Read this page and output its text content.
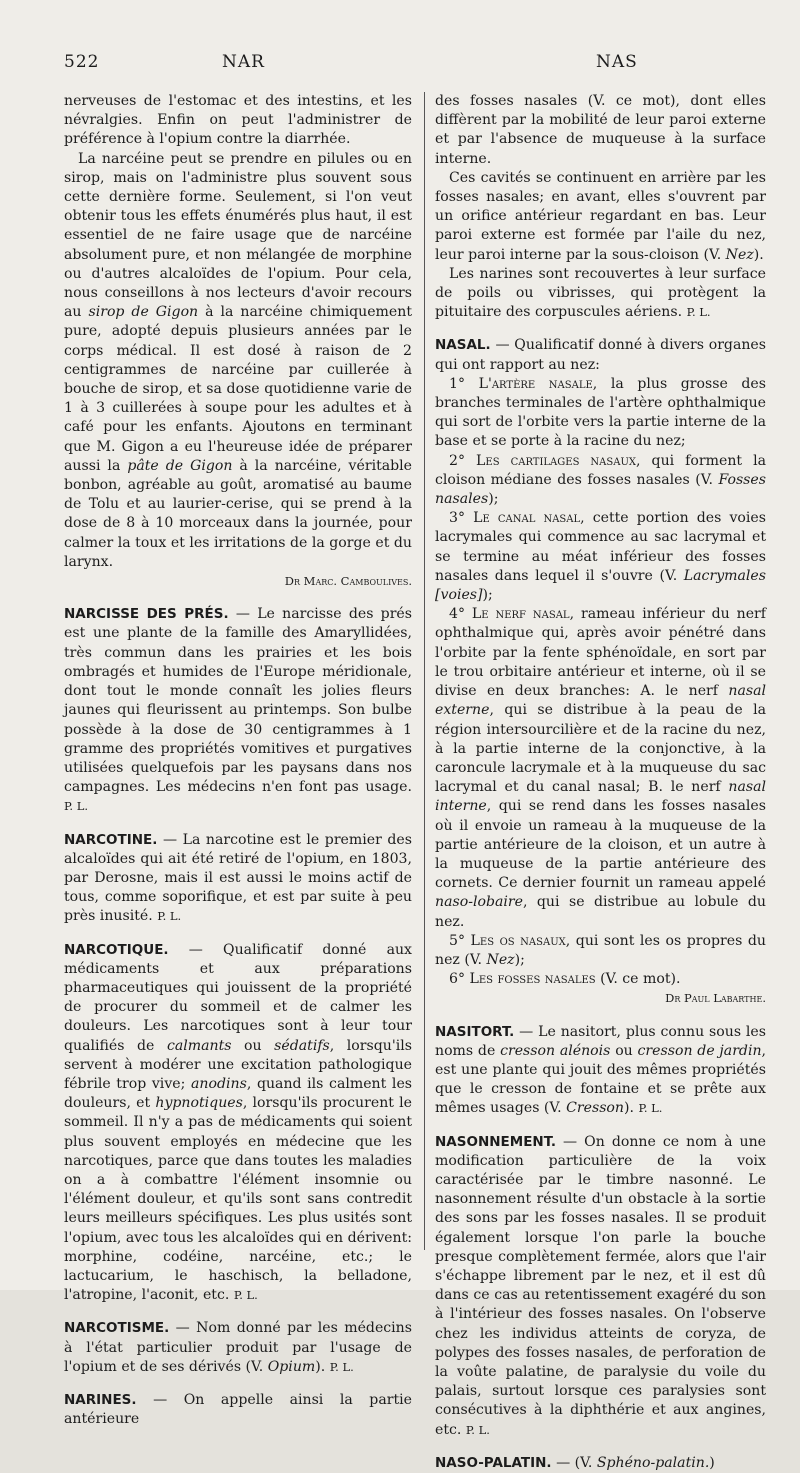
522	NAR	NAS

nerveuses de l'estomac et des intestins, et les névralgies. Enfin on peut l'administrer de préférence à l'opium contre la diarrhée.

La narcéine peut se prendre en pilules ou en sirop, mais on l'administre plus souvent sous cette dernière forme. Seulement, si l'on veut obtenir tous les effets énumérés plus haut, il est essentiel de ne faire usage que de narcéine absolument pure, et non mélangée de morphine ou d'autres alcaloïdes de l'opium. Pour cela, nous conseillons à nos lecteurs d'avoir recours au sirop de Gigon à la narcéine chimiquement pure, adopté depuis plusieurs années par le corps médical. Il est dosé à raison de 2 centigrammes de narcéine par cuillerée à bouche de sirop, et sa dose quotidienne varie de 1 à 3 cuillerées à soupe pour les adultes et à café pour les enfants. Ajoutons en terminant que M. Gigon a eu l'heureuse idée de préparer aussi la pâte de Gigon à la narcéine, véritable bonbon, agréable au goût, aromatisé au baume de Tolu et au laurier-cerise, qui se prend à la dose de 8 à 10 morceaux dans la journée, pour calmer la toux et les irritations de la gorge et du larynx.

Dr Marc. Camboulives.

NARCISSE DES PRÉS. — Le narcisse des prés est une plante de la famille des Amaryllidées, très commun dans les prairies et les bois ombragés et humides de l'Europe méridionale, dont tout le monde connaît les jolies fleurs jaunes qui fleurissent au printemps. Son bulbe possède à la dose de 30 centigrammes à 1 gramme des propriétés vomitives et purgatives utilisées quelquefois par les paysans dans nos campagnes. Les médecins n'en font pas usage. P. L.

NARCOTINE. — La narcotine est le premier des alcaloïdes qui ait été retiré de l'opium, en 1803, par Derosne, mais il est aussi le moins actif de tous, comme soporifique, et est par suite à peu près inusité. P. L.

NARCOTIQUE. — Qualificatif donné aux médicaments et aux préparations pharmaceutiques qui jouissent de la propriété de procurer du sommeil et de calmer les douleurs. Les narcotiques sont à leur tour qualifiés de calmants ou sédatifs, lorsqu'ils servent à modérer une excitation pathologique fébrile trop vive; anodins, quand ils calment les douleurs, et hypnotiques, lorsqu'ils procurent le sommeil. Il n'y a pas de médicaments qui soient plus souvent employés en médecine que les narcotiques, parce que dans toutes les maladies on a à combattre l'élément insomnie ou l'élément douleur, et qu'ils sont sans contredit leurs meilleurs spécifiques. Les plus usités sont l'opium, avec tous les alcaloïdes qui en dérivent: morphine, codéine, narcéine, etc.; le lactucarium, le haschisch, la belladone, l'atropine, l'aconit, etc. P. L.

NARCOTISME. — Nom donné par les médecins à l'état particulier produit par l'usage de l'opium et de ses dérivés (V. Opium). P. L.

NARINES. — On appelle ainsi la partie antérieure

des fosses nasales (V. ce mot), dont elles diffèrent par la mobilité de leur paroi externe et par l'absence de muqueuse à la surface interne.

Ces cavités se continuent en arrière par les fosses nasales; en avant, elles s'ouvrent par un orifice antérieur regardant en bas. Leur paroi externe est formée par l'aile du nez, leur paroi interne par la sous-cloison (V. Nez).

Les narines sont recouvertes à leur surface de poils ou vibrisses, qui protègent la pituitaire des corpuscules aériens. P. L.

NASAL. — Qualificatif donné à divers organes qui ont rapport au nez:

1° L'artère nasale, la plus grosse des branches terminales de l'artère ophthalmique qui sort de l'orbite vers la partie interne de la base et se porte à la racine du nez;

2° Les cartilages nasaux, qui forment la cloison médiane des fosses nasales (V. Fosses nasales);

3° Le canal nasal, cette portion des voies lacrymales qui commence au sac lacrymal et se termine au méat inférieur des fosses nasales dans lequel il s'ouvre (V. Lacrymales [voies]);

4° Le nerf nasal, rameau inférieur du nerf ophthalmique qui, après avoir pénétré dans l'orbite par la fente sphénoïdale, en sort par le trou orbitaire antérieur et interne, où il se divise en deux branches: A. le nerf nasal externe, qui se distribue à la peau de la région intersourcilière et de la racine du nez, à la partie interne de la conjonctive, à la caroncule lacrymale et à la muqueuse du sac lacrymal et du canal nasal; B. le nerf nasal interne, qui se rend dans les fosses nasales où il envoie un rameau à la muqueuse de la partie antérieure de la cloison, et un autre à la muqueuse de la partie antérieure des cornets. Ce dernier fournit un rameau appelé naso-lobaire, qui se distribue au lobule du nez.

5° Les os nasaux, qui sont les os propres du nez (V. Nez);

6° Les fosses nasales (V. ce mot).

Dr Paul Labarthe.

NASITORT. — Le nasitort, plus connu sous les noms de cresson alénois ou cresson de jardin, est une plante qui jouit des mêmes propriétés que le cresson de fontaine et se prête aux mêmes usages (V. Cresson). P. L.

NASONNEMENT. — On donne ce nom à une modification particulière de la voix caractérisée par le timbre nasonné. Le nasonnement résulte d'un obstacle à la sortie des sons par les fosses nasales. Il se produit également lorsque l'on parle la bouche presque complètement fermée, alors que l'air s'échappe librement par le nez, et il est dû dans ce cas au retentissement exagéré du son à l'intérieur des fosses nasales. On l'observe chez les individus atteints de coryza, de polypes des fosses nasales, de perforation de la voûte palatine, de paralysie du voile du palais, surtout lorsque ces paralysies sont consécutives à la diphthérie et aux angines, etc. P. L.

NASO-PALATIN. — (V. Sphéno-palatin.)
